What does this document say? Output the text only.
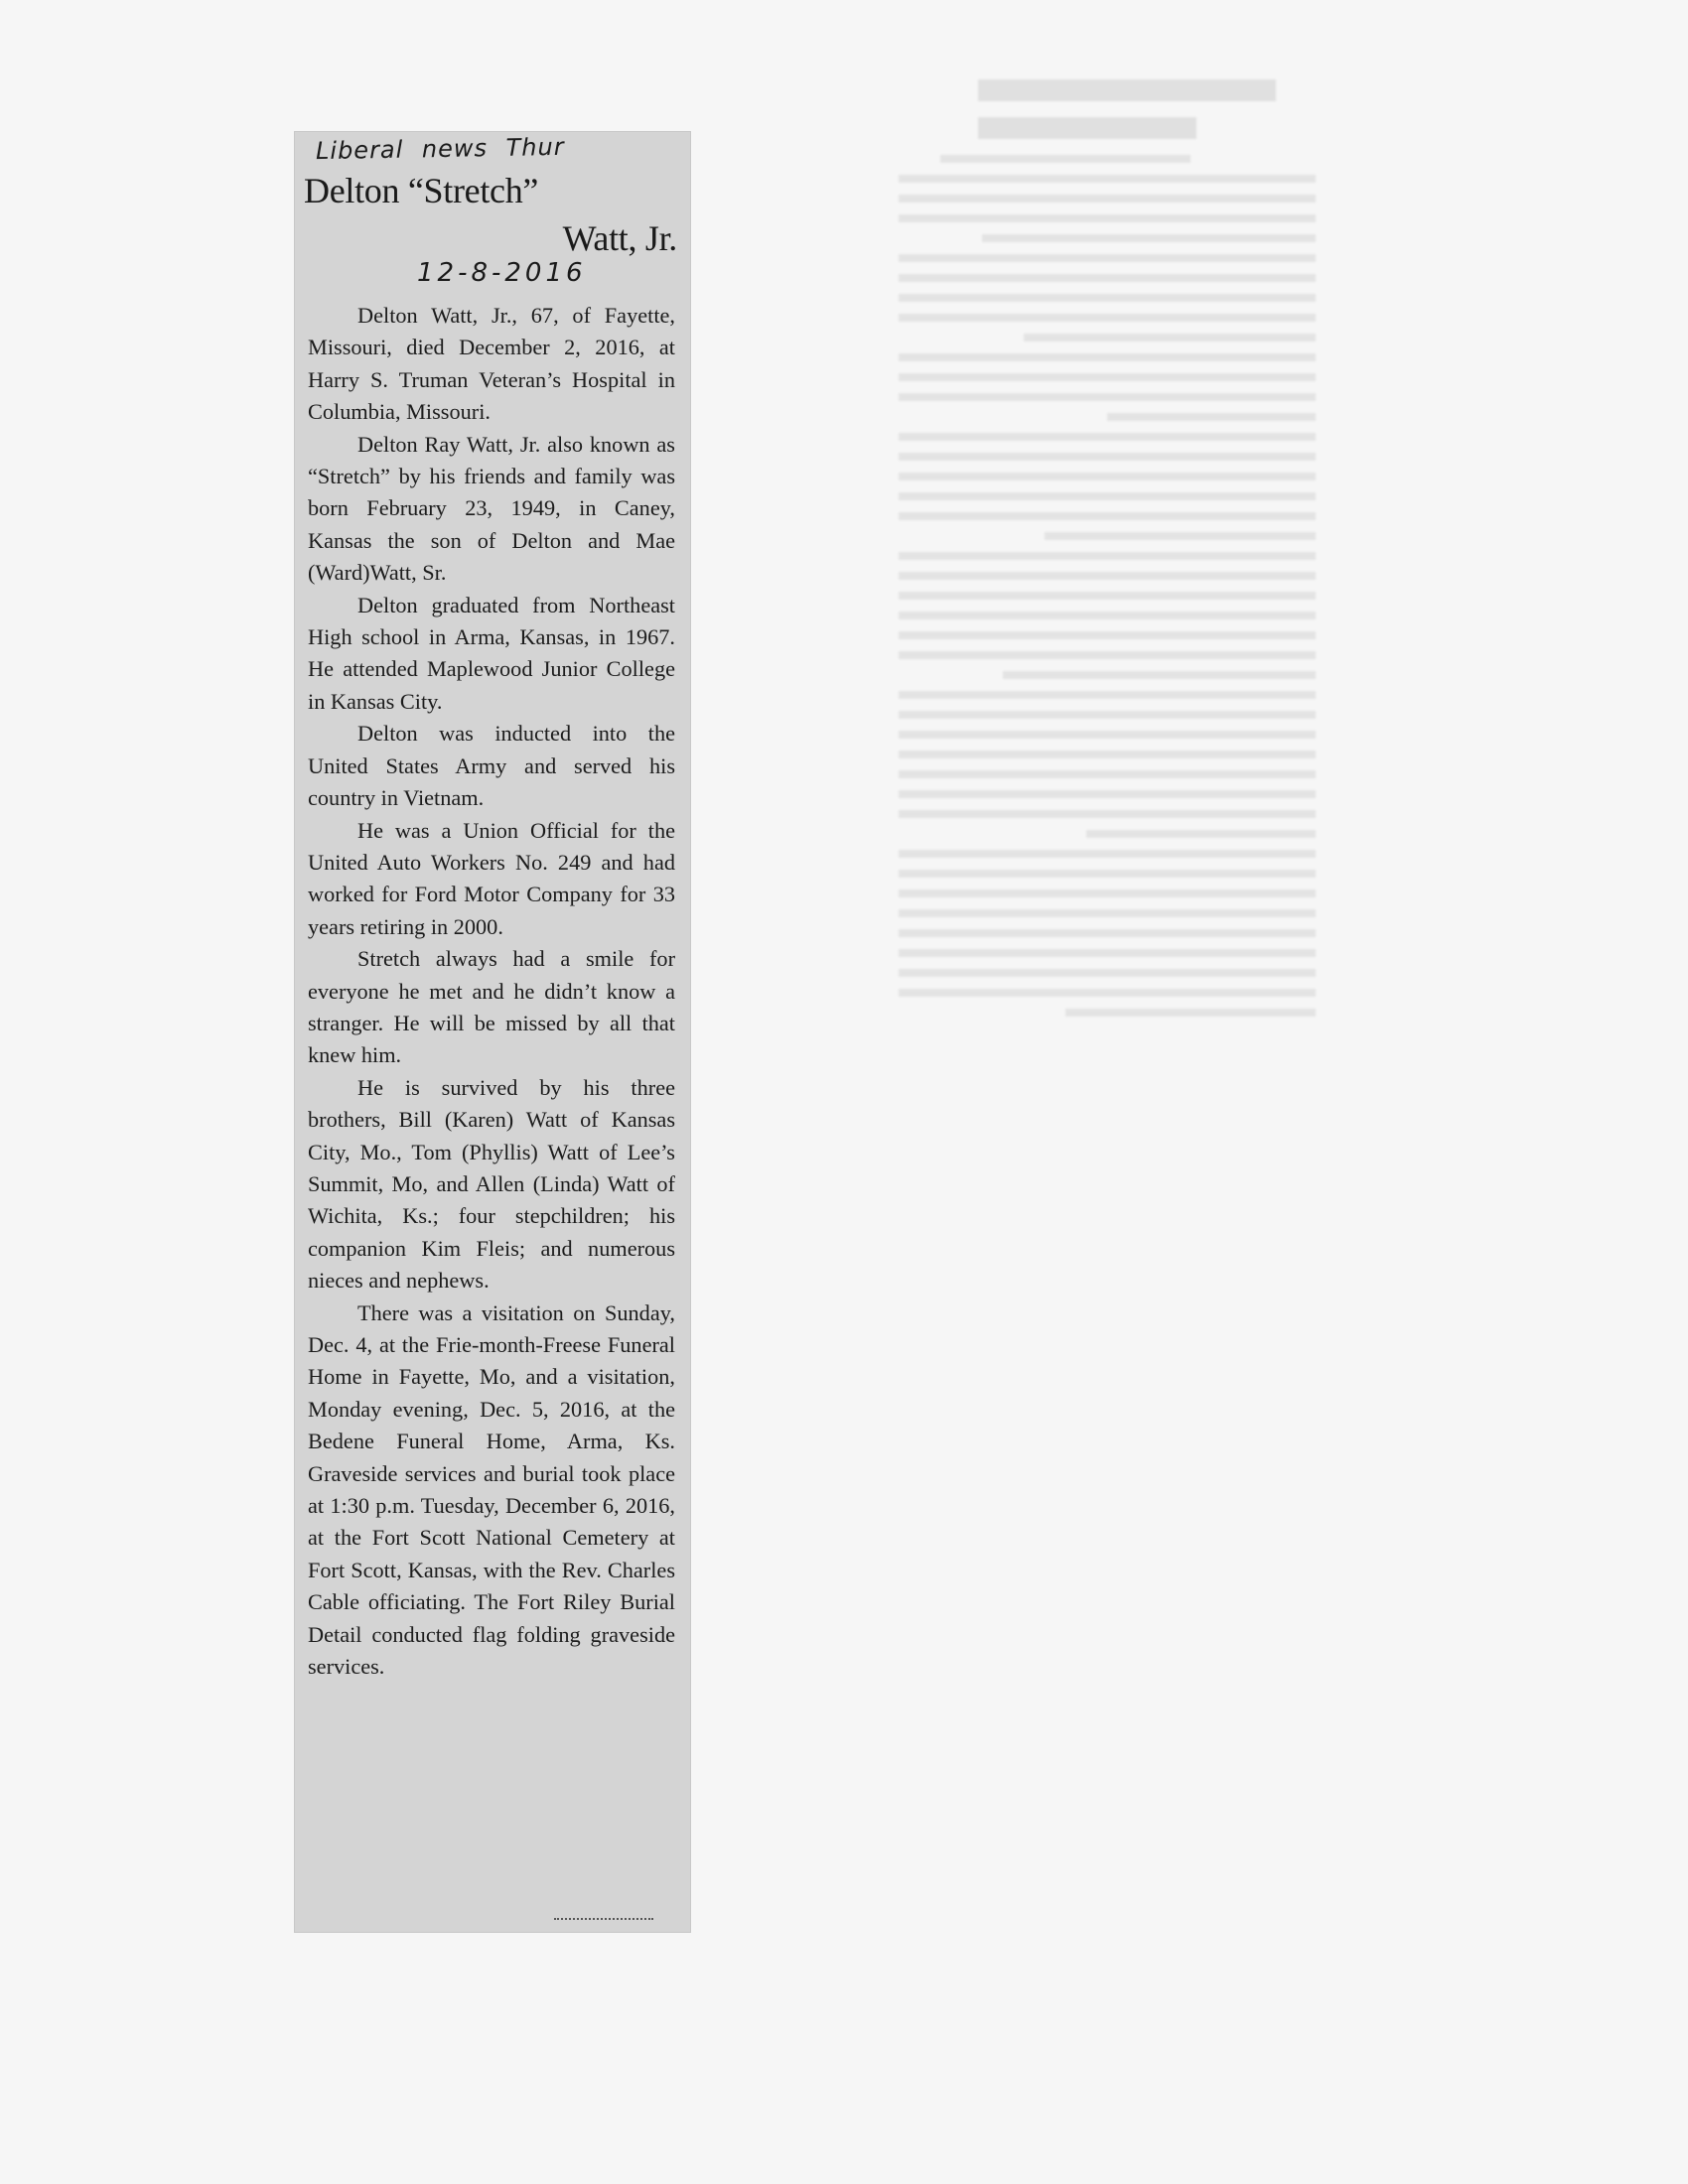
Liberal news Thur
Delton “Stretch”
Watt, Jr.
12-8-2016

Delton Watt, Jr., 67, of Fayette, Missouri, died December 2, 2016, at Harry S. Truman Veteran’s Hospital in Columbia, Missouri.

Delton Ray Watt, Jr. also known as “Stretch” by his friends and family was born February 23, 1949, in Caney, Kansas the son of Delton and Mae (Ward)Watt, Sr.

Delton graduated from Northeast High school in Arma, Kansas, in 1967. He attended Maplewood Junior College in Kansas City.

Delton was inducted into the United States Army and served his country in Vietnam.

He was a Union Official for the United Auto Workers No. 249 and had worked for Ford Motor Company for 33 years retiring in 2000.

Stretch always had a smile for everyone he met and he didn’t know a stranger. He will be missed by all that knew him.

He is survived by his three brothers, Bill (Karen) Watt of Kansas City, Mo., Tom (Phyllis) Watt of Lee’s Summit, Mo, and Allen (Linda) Watt of Wichita, Ks.; four stepchildren; his companion Kim Fleis; and numerous nieces and nephews.

There was a visitation on Sunday, Dec. 4, at the Frie-month-Freese Funeral Home in Fayette, Mo, and a visitation, Monday evening, Dec. 5, 2016, at the Bedene Funeral Home, Arma, Ks. Graveside services and burial took place at 1:30 p.m. Tuesday, December 6, 2016, at the Fort Scott National Cemetery at Fort Scott, Kansas, with the Rev. Charles Cable officiating. The Fort Riley Burial Detail conducted flag folding graveside services.
